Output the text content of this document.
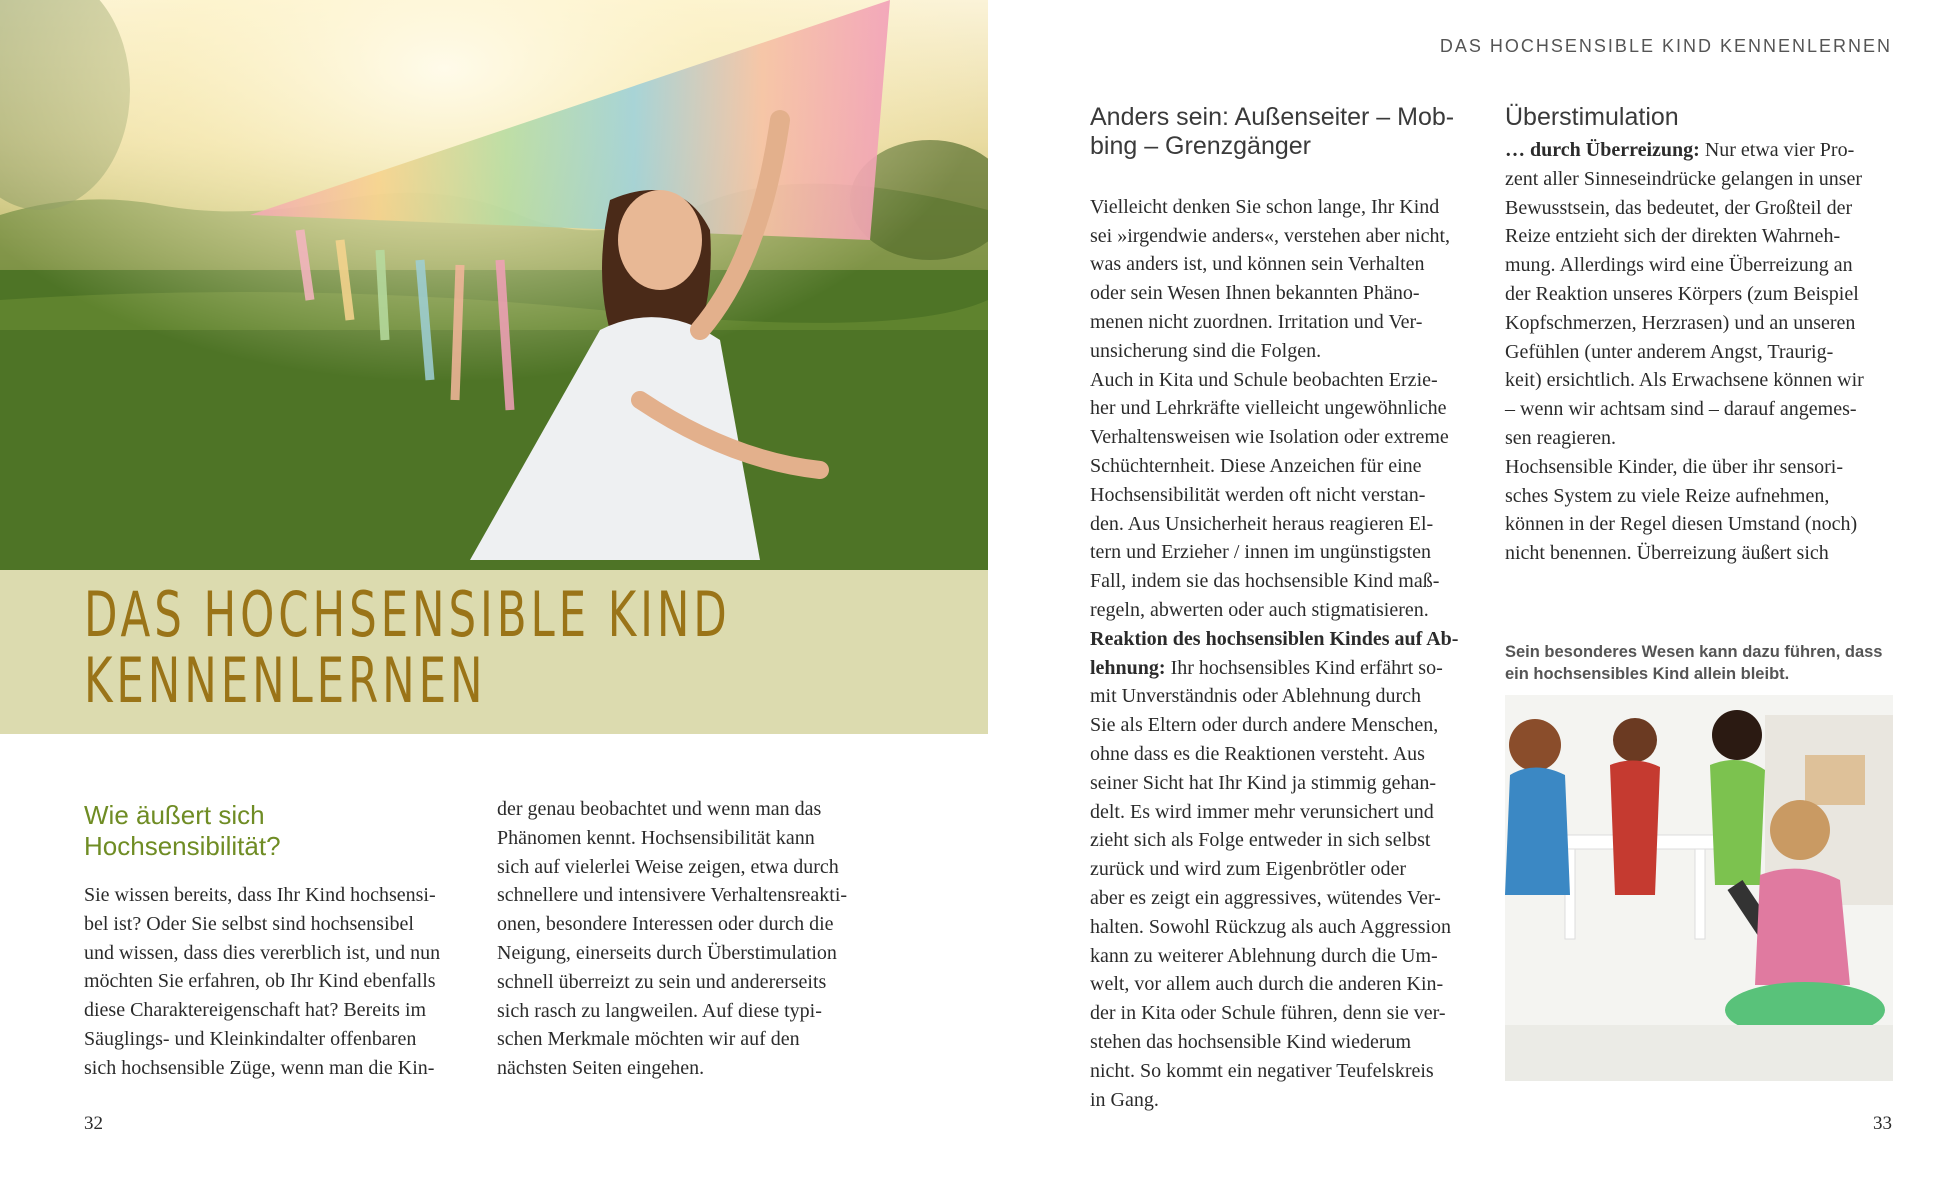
DAS HOCHSENSIBLE KIND
KENNENLERNEN
Wie äußert sich
Hochsensibilität?

Sie wissen bereits, dass Ihr Kind hochsensi-
bel ist? Oder Sie selbst sind hochsensibel
und wissen, dass dies vererblich ist, und nun
möchten Sie erfahren, ob Ihr Kind ebenfalls
diese Charaktereigenschaft hat? Bereits im
Säuglings- und Kleinkindalter offenbaren
sich hochsensible Züge, wenn man die Kin-

der genau beobachtet und wenn man das
Phänomen kennt. Hochsensibilität kann
sich auf vielerlei Weise zeigen, etwa durch
schnellere und intensivere Verhaltensreakti-
onen, besondere Interessen oder durch die
Neigung, einerseits durch Überstimulation
schnell überreizt zu sein und andererseits
sich rasch zu langweilen. Auf diese typi-
schen Merkmale möchten wir auf den
nächsten Seiten eingehen.

32
DAS HOCHSENSIBLE KIND KENNENLERNEN
Anders sein: Außenseiter – Mob-
bing – Grenzgänger

Vielleicht denken Sie schon lange, Ihr Kind
sei »irgendwie anders«, verstehen aber nicht,
was anders ist, und können sein Verhalten
oder sein Wesen Ihnen bekannten Phäno-
menen nicht zuordnen. Irritation und Ver-
unsicherung sind die Folgen.
Auch in Kita und Schule beobachten Erzie-
her und Lehrkräfte vielleicht ungewöhnliche
Verhaltensweisen wie Isolation oder extreme
Schüchternheit. Diese Anzeichen für eine
Hochsensibilität werden oft nicht verstan-
den. Aus Unsicherheit heraus reagieren El-
tern und Erzieher / innen im ungünstigsten
Fall, indem sie das hochsensible Kind maß-
regeln, abwerten oder auch stigmatisieren.
Reaktion des hochsensiblen Kindes auf Ab-
lehnung: Ihr hochsensibles Kind erfährt so-
mit Unverständnis oder Ablehnung durch
Sie als Eltern oder durch andere Menschen,
ohne dass es die Reaktionen versteht. Aus
seiner Sicht hat Ihr Kind ja stimmig gehan-
delt. Es wird immer mehr verunsichert und
zieht sich als Folge entweder in sich selbst
zurück und wird zum Eigenbrötler oder
aber es zeigt ein aggressives, wütendes Ver-
halten. Sowohl Rückzug als auch Aggression
kann zu weiterer Ablehnung durch die Um-
welt, vor allem auch durch die anderen Kin-
der in Kita oder Schule führen, denn sie ver-
stehen das hochsensible Kind wiederum
nicht. So kommt ein negativer Teufelskreis
in Gang.

Überstimulation
… durch Überreizung: Nur etwa vier Pro-
zent aller Sinneseindrücke gelangen in unser
Bewusstsein, das bedeutet, der Großteil der
Reize entzieht sich der direkten Wahrneh-
mung. Allerdings wird eine Überreizung an
der Reaktion unseres Körpers (zum Beispiel
Kopfschmerzen, Herzrasen) und an unseren
Gefühlen (unter anderem Angst, Traurig-
keit) ersichtlich. Als Erwachsene können wir
– wenn wir achtsam sind – darauf angemes-
sen reagieren.
Hochsensible Kinder, die über ihr sensori-
sches System zu viele Reize aufnehmen,
können in der Regel diesen Umstand (noch)
nicht benennen. Überreizung äußert sich

Sein besonderes Wesen kann dazu führen, dass
ein hochsensibles Kind allein bleibt.

33
